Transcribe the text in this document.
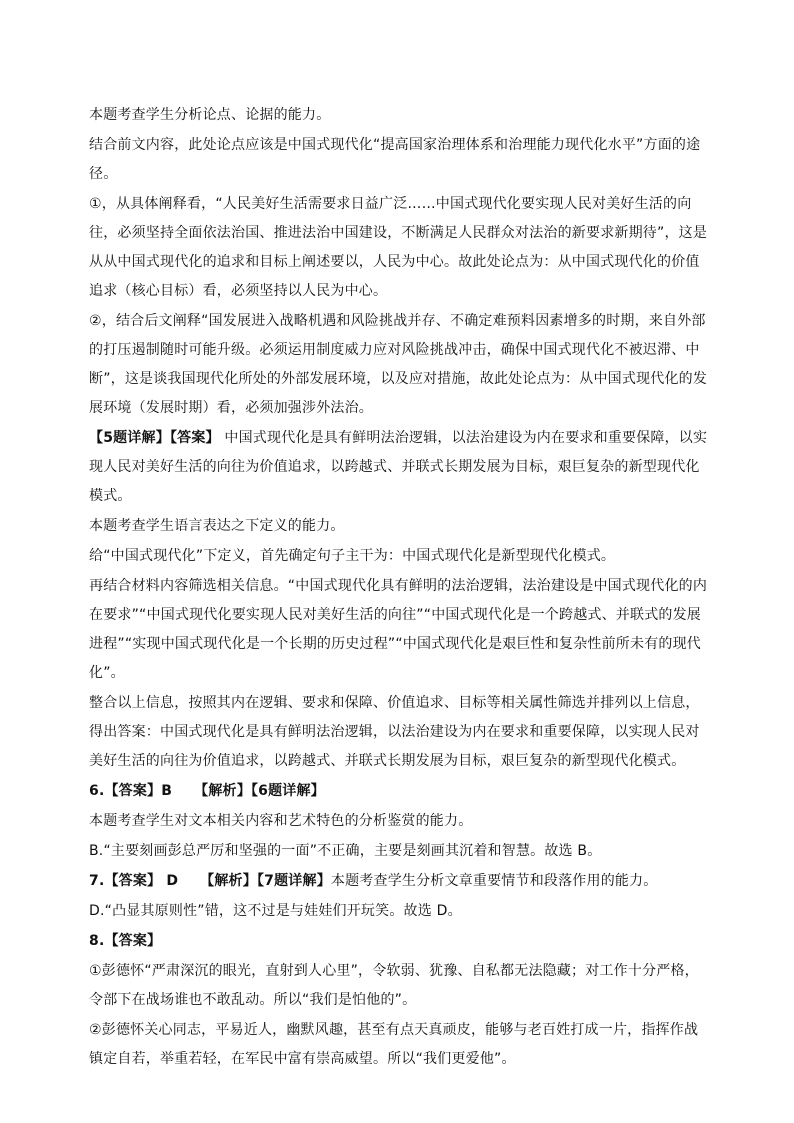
本题考查学生分析论点、论据的能力。

结合前文内容，此处论点应该是中国式现代化“提高国家治理体系和治理能力现代化水平”方面的途径。

①，从具体阐释看，“人民美好生活需要求日益广泛……中国式现代化要实现人民对美好生活的向往，必须坚持全面依法治国、推进法治中国建设，不断满足人民群众对法治的新要求新期待”，这是从从中国式现代化的追求和目标上阐述要以，人民为中心。故此处论点为：从中国式现代化的价值追求（核心目标）看，必须坚持以人民为中心。

②，结合后文阐释“国发展进入战略机遇和风险挑战并存、不确定难预料因素增多的时期，来自外部的打压遏制随时可能升级。必须运用制度威力应对风险挑战冲击，确保中国式现代化不被迟滞、中断”，这是谈我国现代化所处的外部发展环境，以及应对措施，故此处论点为：从中国式现代化的发展环境（发展时期）看，必须加强涉外法治。

【5题详解】【答案】 中国式现代化是具有鲜明法治逻辑，以法治建设为内在要求和重要保障，以实现人民对美好生活的向往为价值追求，以跨越式、并联式长期发展为目标，艰巨复杂的新型现代化模式。

本题考查学生语言表达之下定义的能力。

给“中国式现代化”下定义，首先确定句子主干为：中国式现代化是新型现代化模式。

再结合材料内容筛选相关信息。“中国式现代化具有鲜明的法治逻辑，法治建设是中国式现代化的内在要求”“中国式现代化要实现人民对美好生活的向往”“中国式现代化是一个跨越式、并联式的发展进程”“实现中国式现代化是一个长期的历史过程”“中国式现代化是艰巨性和复杂性前所未有的现代化”。

整合以上信息，按照其内在逻辑、要求和保障、价值追求、目标等相关属性筛选并排列以上信息，得出答案：中国式现代化是具有鲜明法治逻辑，以法治建设为内在要求和重要保障，以实现人民对美好生活的向往为价值追求，以跨越式、并联式长期发展为目标，艰巨复杂的新型现代化模式。

6.【答案】B 【解析】【6题详解】

本题考查学生对文本相关内容和艺术特色的分析鉴赏的能力。

B.“主要刻画彭总严厉和坚强的一面”不正确，主要是刻画其沉着和智慧。故选 B。

7.【答案】 D 【解析】【7题详解】本题考查学生分析文章重要情节和段落作用的能力。

D.“凸显其原则性”错，这不过是与娃娃们开玩笑。故选 D。

8.【答案】

①彭德怀“严肃深沉的眼光，直射到人心里”，令软弱、犹豫、自私都无法隐藏；对工作十分严格，令部下在战场谁也不敢乱动。所以“我们是怕他的”。

②彭德怀关心同志，平易近人，幽默风趣，甚至有点天真顽皮，能够与老百姓打成一片，指挥作战镇定自若，举重若轻，在军民中富有崇高威望。所以“我们更爱他”。
